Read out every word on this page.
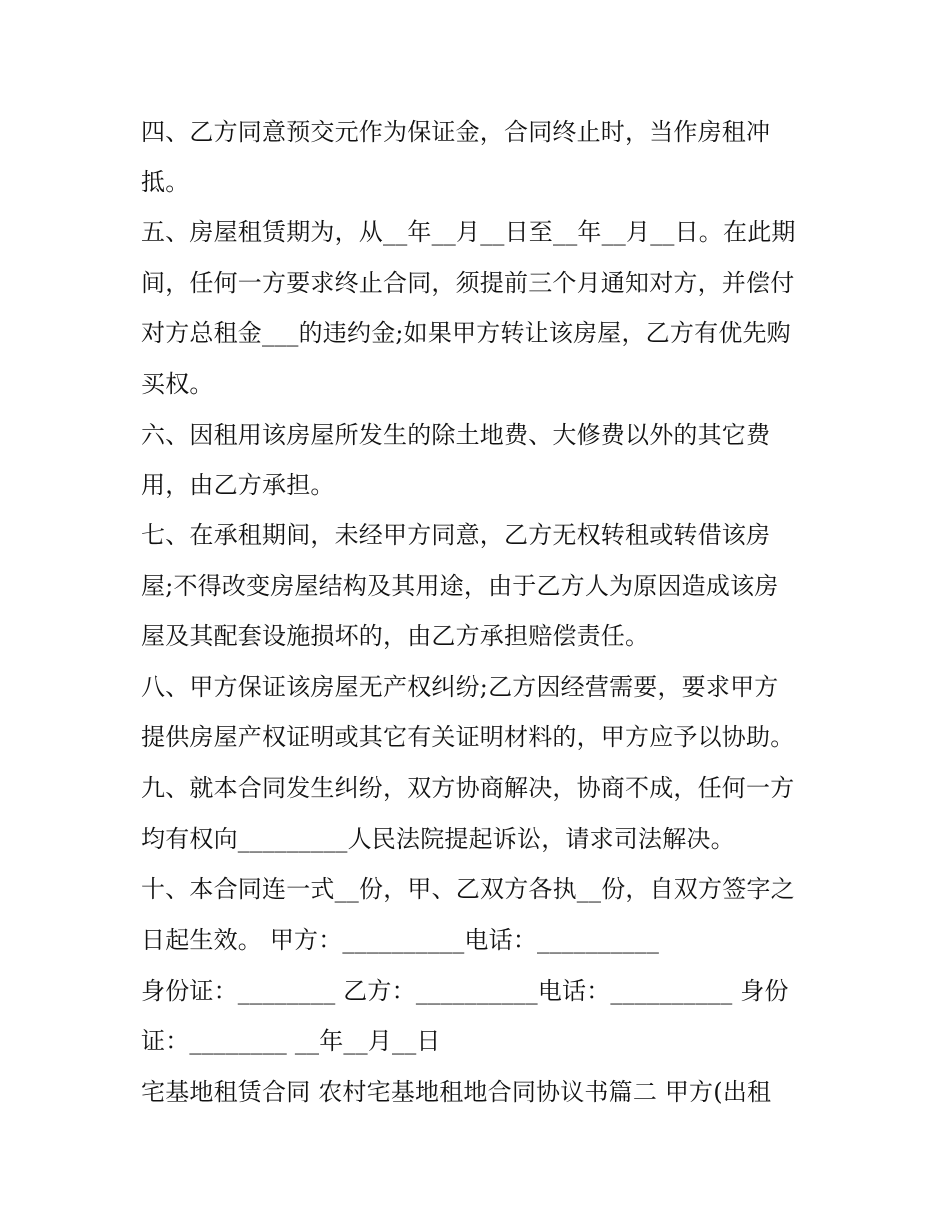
四、乙方同意预交元作为保证金，合同终止时，当作房租冲
抵。
五、房屋租赁期为，从__年__月__日至__年__月__日。在此期
间，任何一方要求终止合同，须提前三个月通知对方，并偿付
对方总租金___的违约金;如果甲方转让该房屋，乙方有优先购
买权。
六、因租用该房屋所发生的除土地费、大修费以外的其它费
用，由乙方承担。
七、在承租期间，未经甲方同意，乙方无权转租或转借该房
屋;不得改变房屋结构及其用途，由于乙方人为原因造成该房
屋及其配套设施损坏的，由乙方承担赔偿责任。
八、甲方保证该房屋无产权纠纷;乙方因经营需要，要求甲方
提供房屋产权证明或其它有关证明材料的，甲方应予以协助。
九、就本合同发生纠纷，双方协商解决，协商不成，任何一方
均有权向_________人民法院提起诉讼，请求司法解决。
十、本合同连一式__份，甲、乙双方各执__份，自双方签字之
日起生效。 甲方：__________电话：__________
身份证：________ 乙方：__________电话：__________ 身份
证：________ __年__月__日
宅基地租赁合同 农村宅基地租地合同协议书篇二 甲方(出租
